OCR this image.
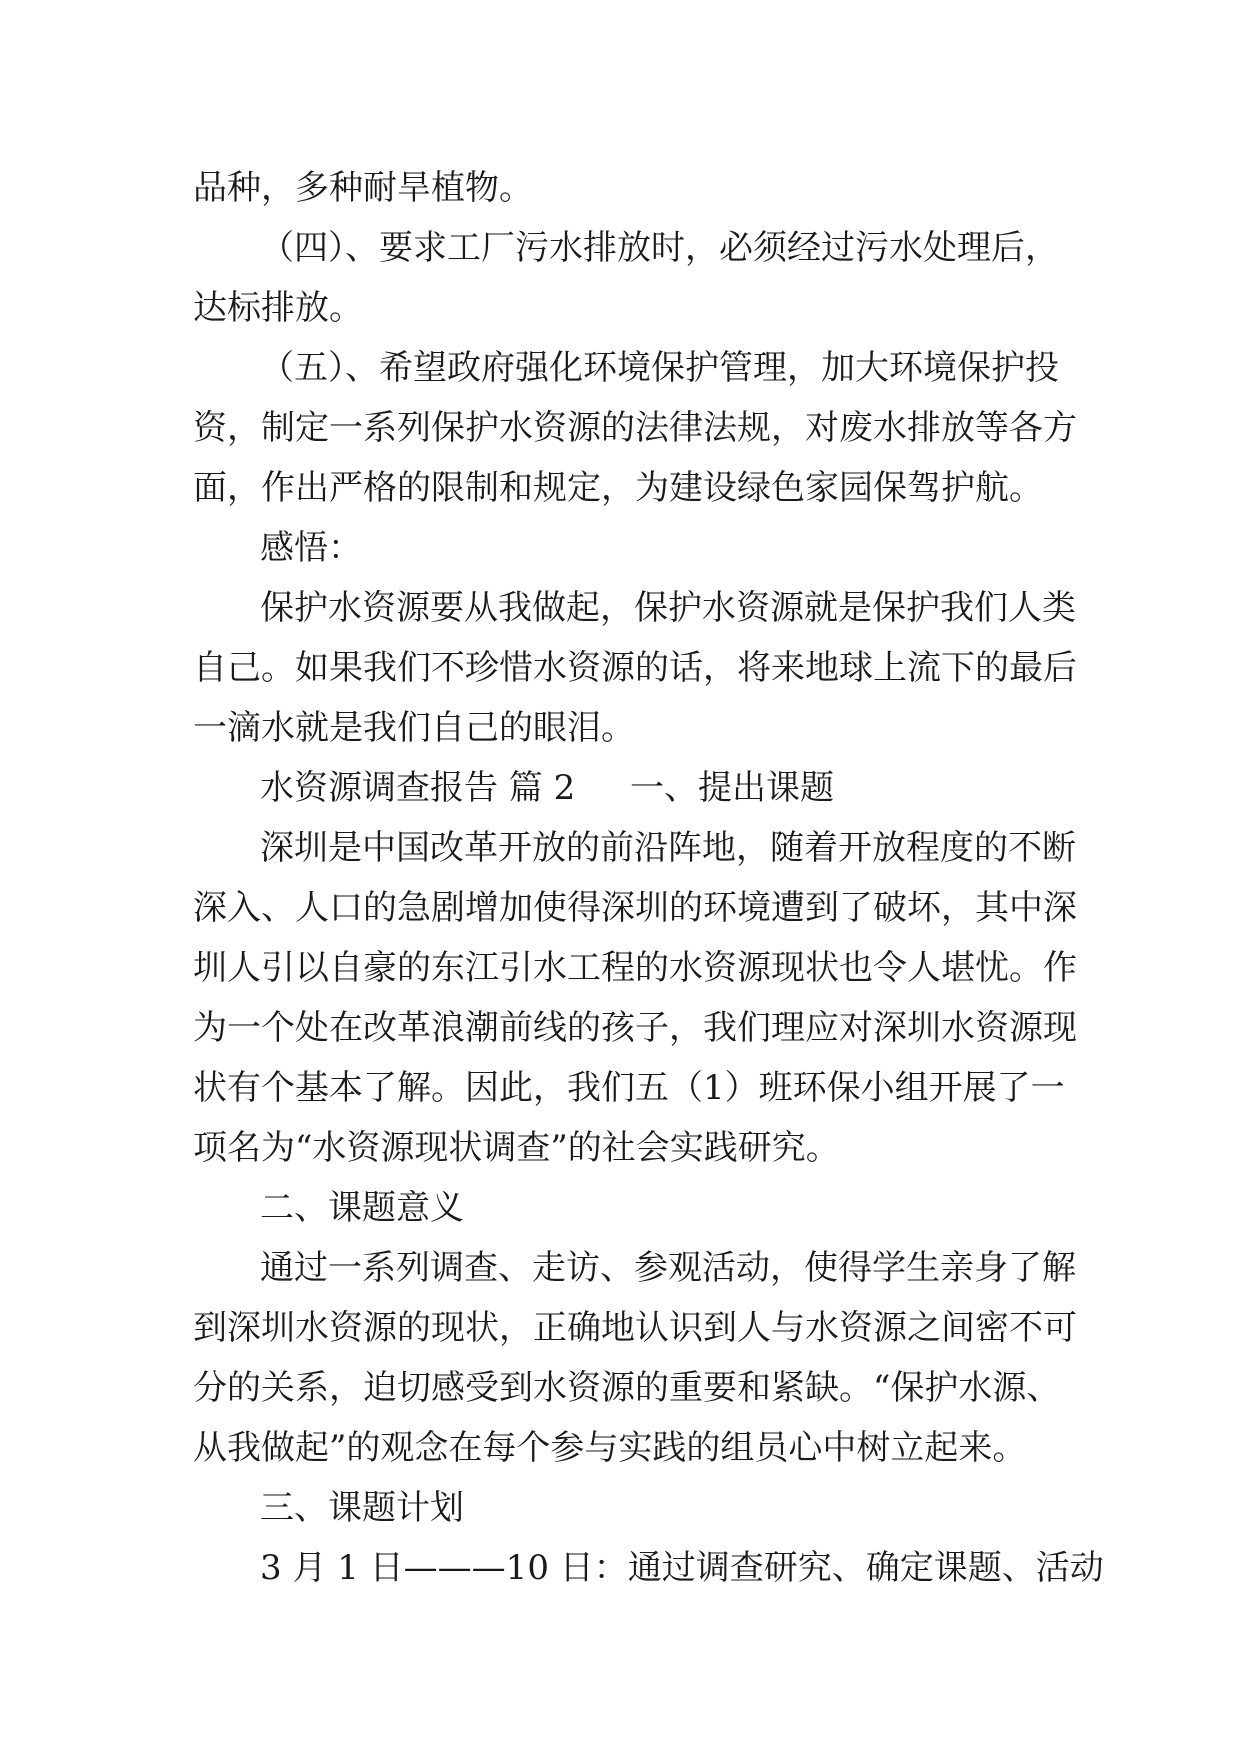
品种，多种耐旱植物。
（四）、要求工厂污水排放时，必须经过污水处理后，
达标排放。
（五）、希望政府强化环境保护管理，加大环境保护投
资，制定一系列保护水资源的法律法规，对废水排放等各方
面，作出严格的限制和规定，为建设绿色家园保驾护航。
感悟：
保护水资源要从我做起，保护水资源就是保护我们人类
自己。如果我们不珍惜水资源的话，将来地球上流下的最后
一滴水就是我们自己的眼泪。
水资源调查报告 篇 2 一、提出课题
深圳是中国改革开放的前沿阵地，随着开放程度的不断
深入、人口的急剧增加使得深圳的环境遭到了破坏，其中深
圳人引以自豪的东江引水工程的水资源现状也令人堪忧。作
为一个处在改革浪潮前线的孩子，我们理应对深圳水资源现
状有个基本了解。因此，我们五（1）班环保小组开展了一
项名为“水资源现状调查”的社会实践研究。
二、课题意义
通过一系列调查、走访、参观活动，使得学生亲身了解
到深圳水资源的现状，正确地认识到人与水资源之间密不可
分的关系，迫切感受到水资源的重要和紧缺。“保护水源、
从我做起”的观念在每个参与实践的组员心中树立起来。
三、课题计划
3 月 1 日———10 日：通过调查研究、确定课题、活动
